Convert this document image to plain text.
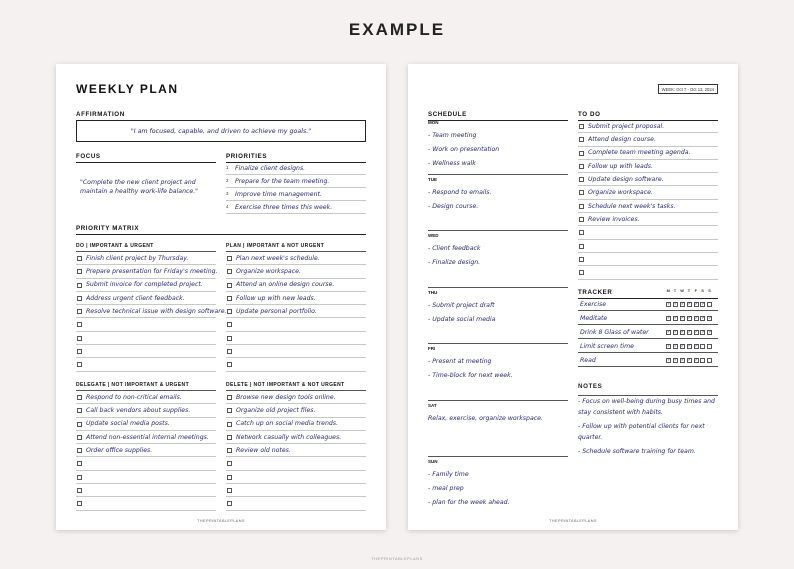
EXAMPLE
WEEKLY PLAN
AFFIRMATION
"I am focused, capable, and driven to achieve my goals."
FOCUS
"Complete the new client project and
maintain a healthy work-life balance."
PRIORITIES
1 Finalize client designs.
2 Prepare for the team meeting.
3 Improve time management.
4 Exercise three times this week.
PRIORITY MATRIX
DO | IMPORTANT & URGENT
Finish client project by Thursday.
Prepare presentation for Friday's meeting.
Submit invoice for completed project.
Address urgent client feedback.
Resolve technical issue with design software.
PLAN | IMPORTANT & NOT URGENT
Plan next week's schedule.
Organize workspace.
Attend an online design course.
Follow up with new leads.
Update personal portfolio.
DELEGATE | NOT IMPORTANT & URGENT
Respond to non-critical emails.
Call back vendors about supplies.
Update social media posts.
Attend non-essential internal meetings.
Order office supplies.
DELETE | NOT IMPORTANT & NOT URGENT
Browse new design tools online.
Organize old project files.
Catch up on social media trends.
Network casually with colleagues.
Review old notes.
THEPRINTABLEPLANS
WEEK: Oct 7 - Oct 13, 2024
SCHEDULE
MON
- Team meeting
- Work on presentation
- Wellness walk
TUE
- Respond to emails.
- Design course.
WED
- Client feedback
- Finalize design.
THU
- Submit project draft
- Update social media
FRI
- Present at meeting
- Time-block for next week.
SAT
Relax, exercise, organize workspace.
SUN
- Family time
- meal prep
- plan for the week ahead.
TO DO
Submit project proposal.
Attend design course.
Complete team meeting agenda.
Follow up with leads.
Update design software.
Organize workspace.
Schedule next week's tasks.
Review invoices.
TRACKER	M T W T F S S
Exercise	✓ ✓ ✓ ✓ ✓ ✓
Meditate	✓ ✓ ✓ ✓ ✓ ✓ ✓
Drink 8 Glass of water	✓ ✓ ✓ ✓ ✓ ✓ ✓
Limit screen time	✓ ✓ ✓ ✓ ✓
Read	✓ ✓ ✓ ✓ ✓
NOTES
- Focus on well-being during busy times and stay consistent with habits.
- Follow up with potential clients for next quarter.
- Schedule software training for team.
THEPRINTABLEPLANS
THEPRINTABLEPLANS
